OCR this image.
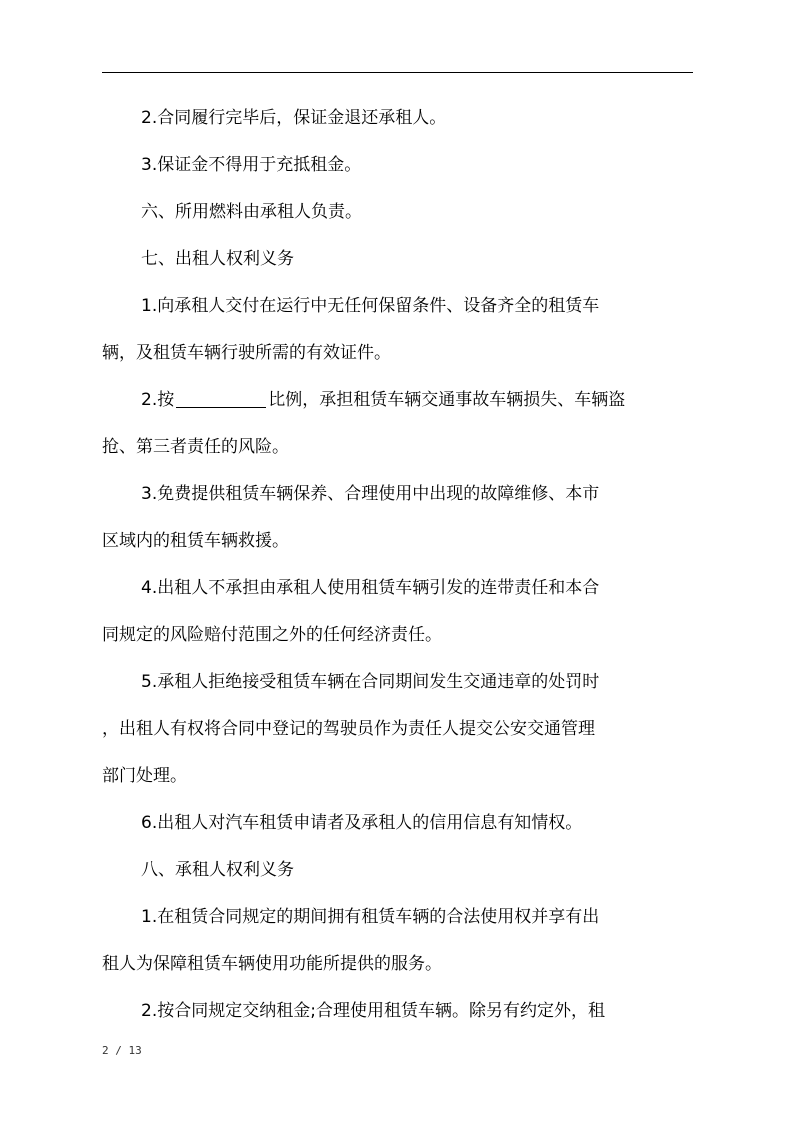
2.合同履行完毕后，保证金退还承租人。

3.保证金不得用于充抵租金。

六、所用燃料由承租人负责。

七、出租人权利义务

1.向承租人交付在运行中无任何保留条件、设备齐全的租赁车

辆，及租赁车辆行驶所需的有效证件。

2.按	比例，承担租赁车辆交通事故车辆损失、车辆盗

抢、第三者责任的风险。

3.免费提供租赁车辆保养、合理使用中出现的故障维修、本市

区域内的租赁车辆救援。

4.出租人不承担由承租人使用租赁车辆引发的连带责任和本合

同规定的风险赔付范围之外的任何经济责任。

5.承租人拒绝接受租赁车辆在合同期间发生交通违章的处罚时

，出租人有权将合同中登记的驾驶员作为责任人提交公安交通管理

部门处理。

6.出租人对汽车租赁申请者及承租人的信用信息有知情权。

八、承租人权利义务

1.在租赁合同规定的期间拥有租赁车辆的合法使用权并享有出

租人为保障租赁车辆使用功能所提供的服务。

2.按合同规定交纳租金;合理使用租赁车辆。除另有约定外，租

2 / 13
